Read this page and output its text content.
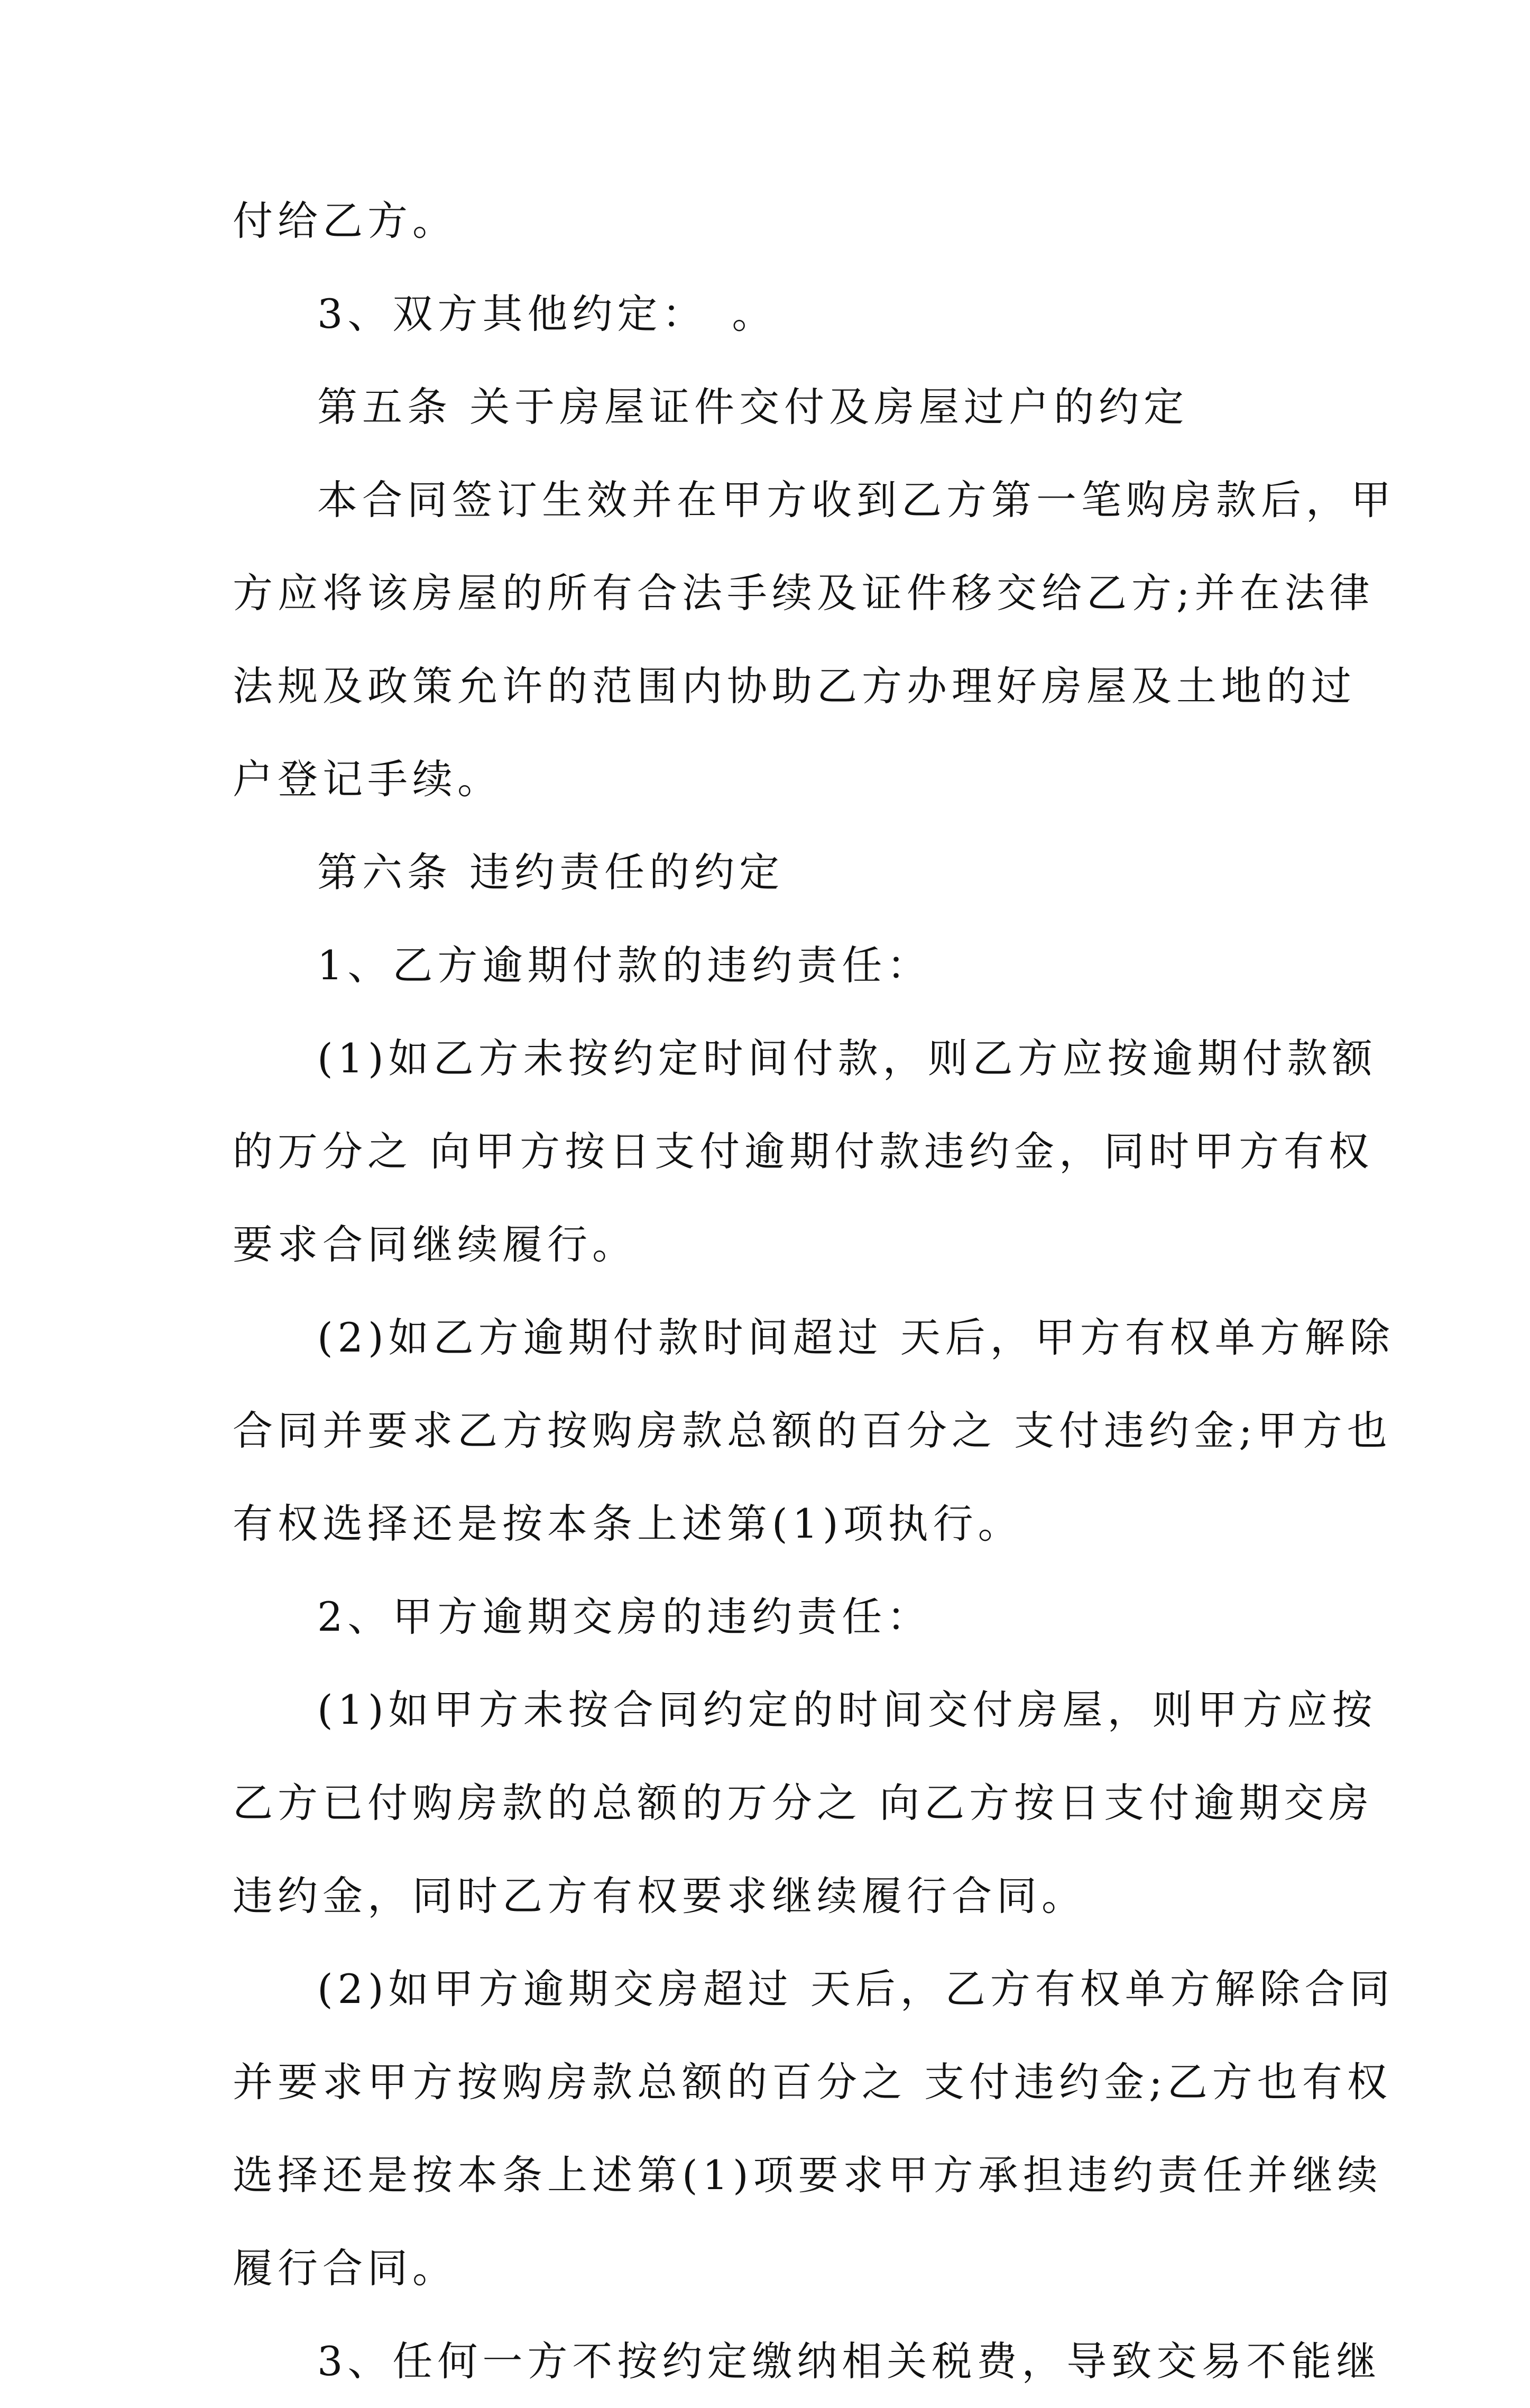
付给乙方。

3、双方其他约定：　。

第五条 关于房屋证件交付及房屋过户的约定

本合同签订生效并在甲方收到乙方第一笔购房款后，甲

方应将该房屋的所有合法手续及证件移交给乙方;并在法律

法规及政策允许的范围内协助乙方办理好房屋及土地的过

户登记手续。

第六条 违约责任的约定

1、乙方逾期付款的违约责任：

(1)如乙方未按约定时间付款，则乙方应按逾期付款额

的万分之 向甲方按日支付逾期付款违约金，同时甲方有权

要求合同继续履行。

(2)如乙方逾期付款时间超过 天后，甲方有权单方解除

合同并要求乙方按购房款总额的百分之 支付违约金;甲方也

有权选择还是按本条上述第(1)项执行。

2、甲方逾期交房的违约责任：

(1)如甲方未按合同约定的时间交付房屋，则甲方应按

乙方已付购房款的总额的万分之 向乙方按日支付逾期交房

违约金，同时乙方有权要求继续履行合同。

(2)如甲方逾期交房超过 天后，乙方有权单方解除合同

并要求甲方按购房款总额的百分之 支付违约金;乙方也有权

选择还是按本条上述第(1)项要求甲方承担违约责任并继续

履行合同。

3、任何一方不按约定缴纳相关税费，导致交易不能继
